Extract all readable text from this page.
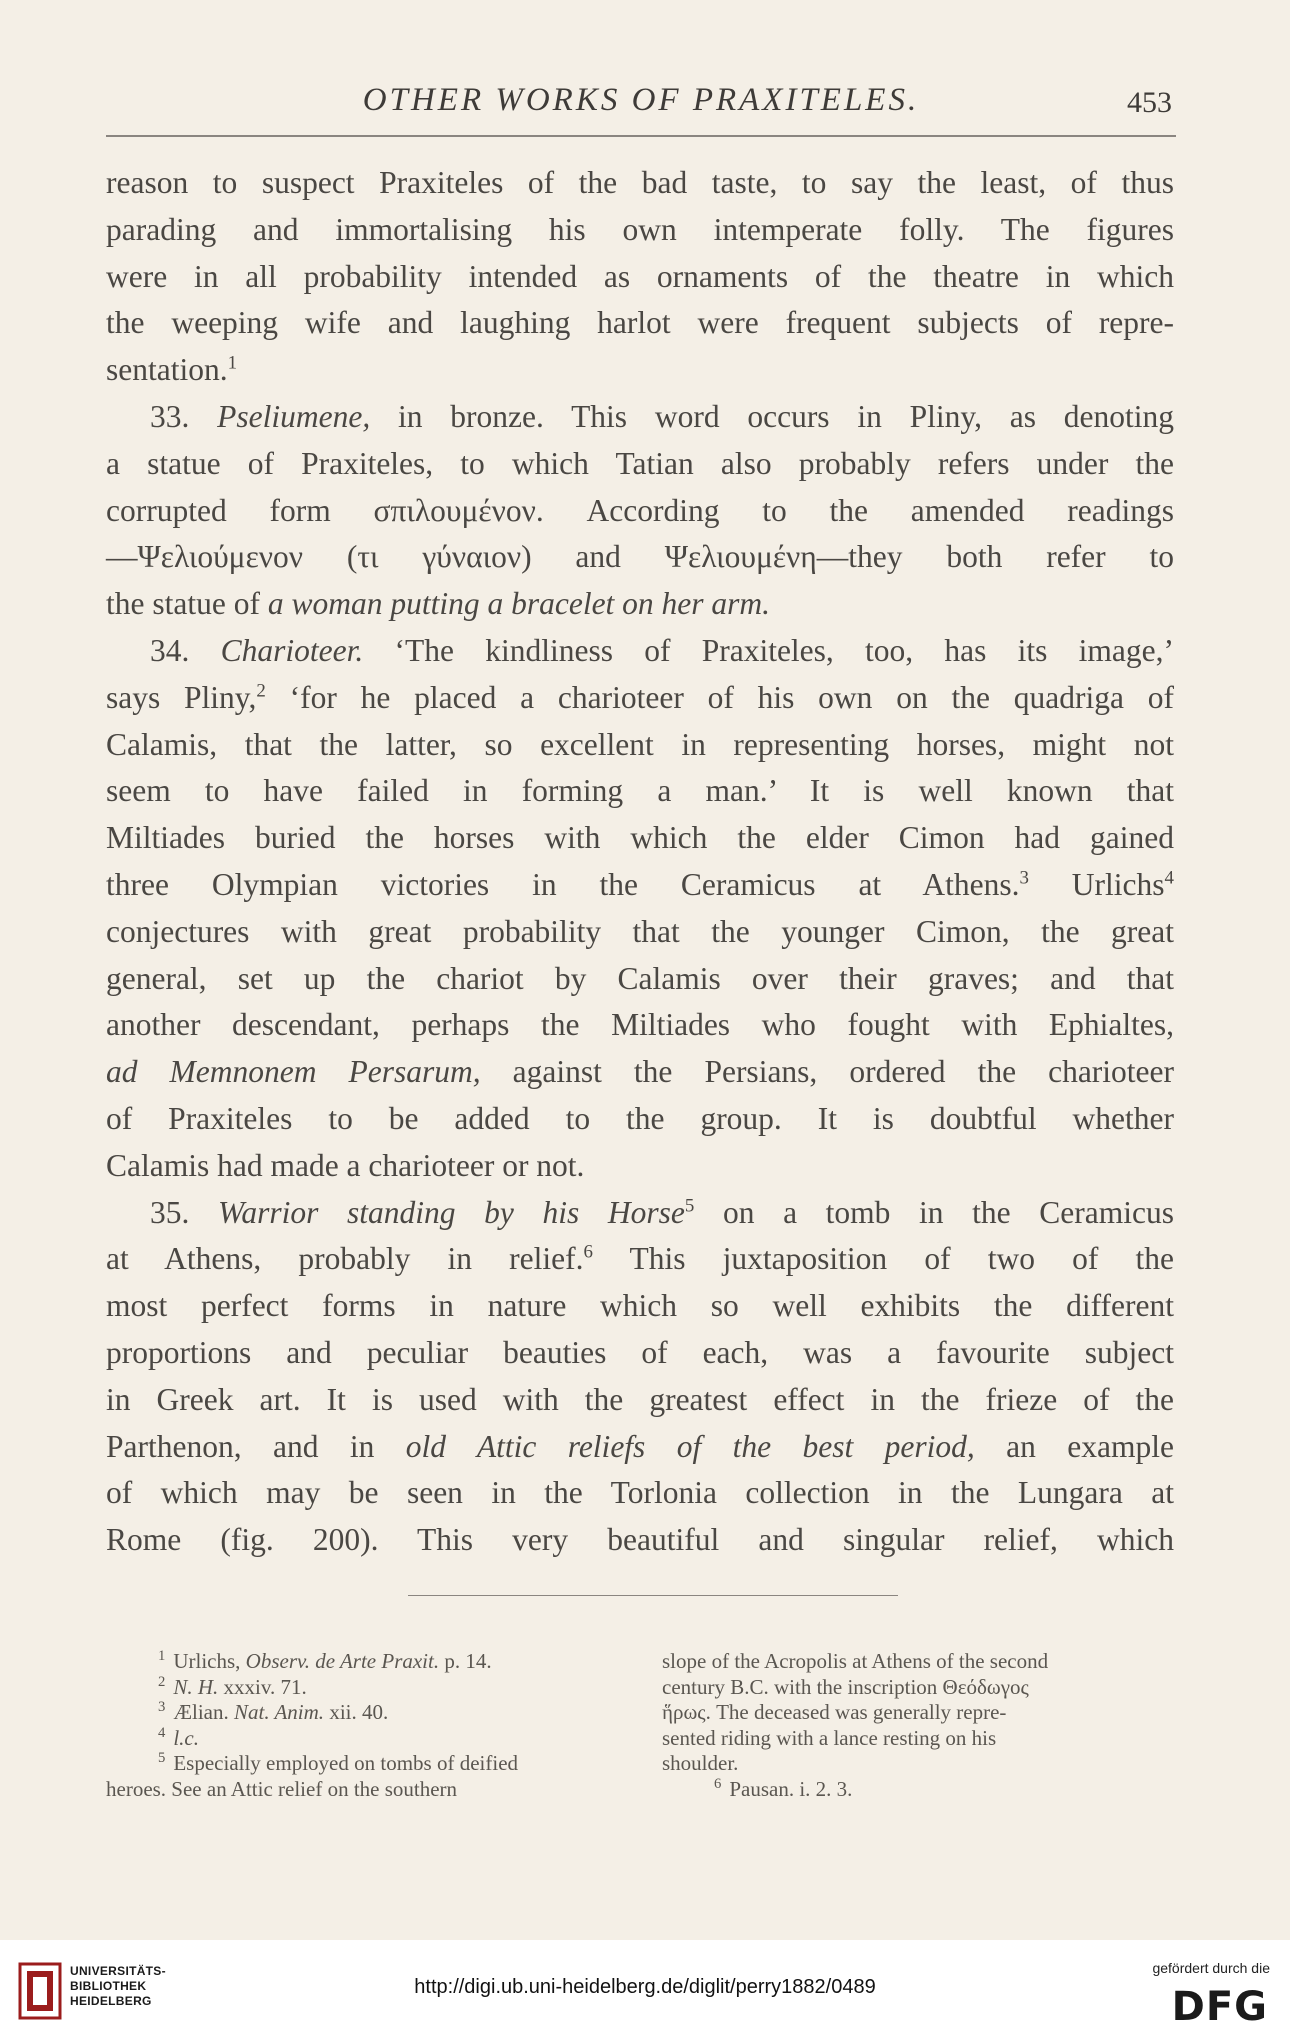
OTHER WORKS OF PRAXITELES.	453
reason to suspect Praxiteles of the bad taste, to say the least, of thus
parading and immortalising his own intemperate folly. The figures
were in all probability intended as ornaments of the theatre in which
the weeping wife and laughing harlot were frequent subjects of repre-
sentation.$^1$
33. Pseliumene, in bronze. This word occurs in Pliny, as denoting
a statue of Praxiteles, to which Tatian also probably refers under the
corrupted form σπιλουμένον. According to the amended readings
—Ψελιούμενον (τι γύναιον) and Ψελιουμένη—they both refer to
the statue of a woman putting a bracelet on her arm.
34. Charioteer. ‘The kindliness of Praxiteles, too, has its image,’
says Pliny,$^2$ ‘for he placed a charioteer of his own on the quadriga of
Calamis, that the latter, so excellent in representing horses, might not
seem to have failed in forming a man.’ It is well known that
Miltiades buried the horses with which the elder Cimon had gained
three Olympian victories in the Ceramicus at Athens.$^3$ Urlichs$^4$
conjectures with great probability that the younger Cimon, the great
general, set up the chariot by Calamis over their graves; and that
another descendant, perhaps the Miltiades who fought with Ephialtes,
ad Memnonem Persarum, against the Persians, ordered the charioteer
of Praxiteles to be added to the group. It is doubtful whether
Calamis had made a charioteer or not.
35. Warrior standing by his Horse$^5$ on a tomb in the Ceramicus
at Athens, probably in relief.$^6$ This juxtaposition of two of the
most perfect forms in nature which so well exhibits the different
proportions and peculiar beauties of each, was a favourite subject
in Greek art. It is used with the greatest effect in the frieze of the
Parthenon, and in old Attic reliefs of the best period, an example
of which may be seen in the Torlonia collection in the Lungara at
Rome (fig. 200). This very beautiful and singular relief, which

$^1$ Urlichs, Observ. de Arte Praxit. p. 14.

$^2$ N. H. xxxiv. 71.

$^3$ Ælian. Nat. Anim. xii. 40.

$^4$ l.c.

$^5$ Especially employed on tombs of deified

heroes. See an Attic relief on the southern

slope of the Acropolis at Athens of the second

century B.C. with the inscription Θεόδωγος

ἥρως. The deceased was generally repre-

sented riding with a lance resting on his

shoulder.

$^6$ Pausan. i. 2. 3.

UNIVERSITÄTS-
BIBLIOTHEK
HEIDELBERG
http://digi.ub.uni-heidelberg.de/diglit/perry1882/0489
gefördert durch die
DFG
